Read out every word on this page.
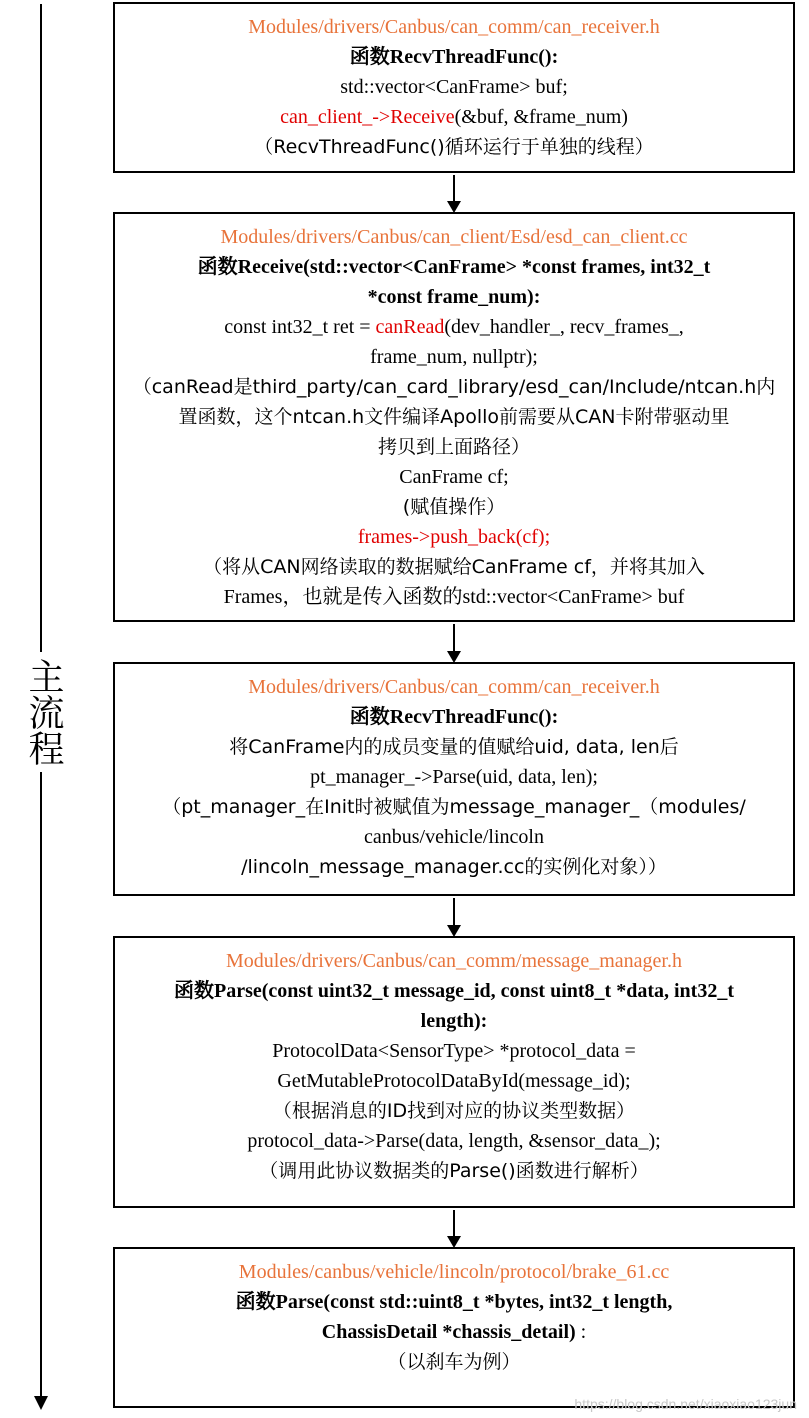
主流程
Modules/drivers/Canbus/can_comm/can_receiver.h
函数RecvThreadFunc():
std::vector<CanFrame> buf;
can_client_->Receive(&buf, &frame_num)
（RecvThreadFunc()循环运行于单独的线程）
Modules/drivers/Canbus/can_client/Esd/esd_can_client.cc
函数Receive(std::vector<CanFrame> *const frames, int32_t
*const frame_num):
const int32_t ret = canRead(dev_handler_, recv_frames_,
frame_num, nullptr);
（canRead是third_party/can_card_library/esd_can/Include/ntcan.h内
置函数，这个ntcan.h文件编译Apollo前需要从CAN卡附带驱动里
拷贝到上面路径）
CanFrame cf;
(赋值操作）
frames->push_back(cf);
（将从CAN网络读取的数据赋给CanFrame cf，并将其加入
Frames，也就是传入函数的std::vector<CanFrame> buf
Modules/drivers/Canbus/can_comm/can_receiver.h
函数RecvThreadFunc():
将CanFrame内的成员变量的值赋给uid, data, len后
pt_manager_->Parse(uid, data, len);
（pt_manager_在Init时被赋值为message_manager_（modules/
canbus/vehicle/lincoln
/lincoln_message_manager.cc的实例化对象））
Modules/drivers/Canbus/can_comm/message_manager.h
函数Parse(const uint32_t message_id, const uint8_t *data, int32_t
length):
ProtocolData<SensorType> *protocol_data =
GetMutableProtocolDataById(message_id);
（根据消息的ID找到对应的协议类型数据）
protocol_data->Parse(data, length, &sensor_data_);
（调用此协议数据类的Parse()函数进行解析）
Modules/canbus/vehicle/lincoln/protocol/brake_61.cc
函数Parse(const std::uint8_t *bytes, int32_t length,
ChassisDetail *chassis_detail) :
（以刹车为例）
https://blog.csdn.net/xiaoxiao123jun
